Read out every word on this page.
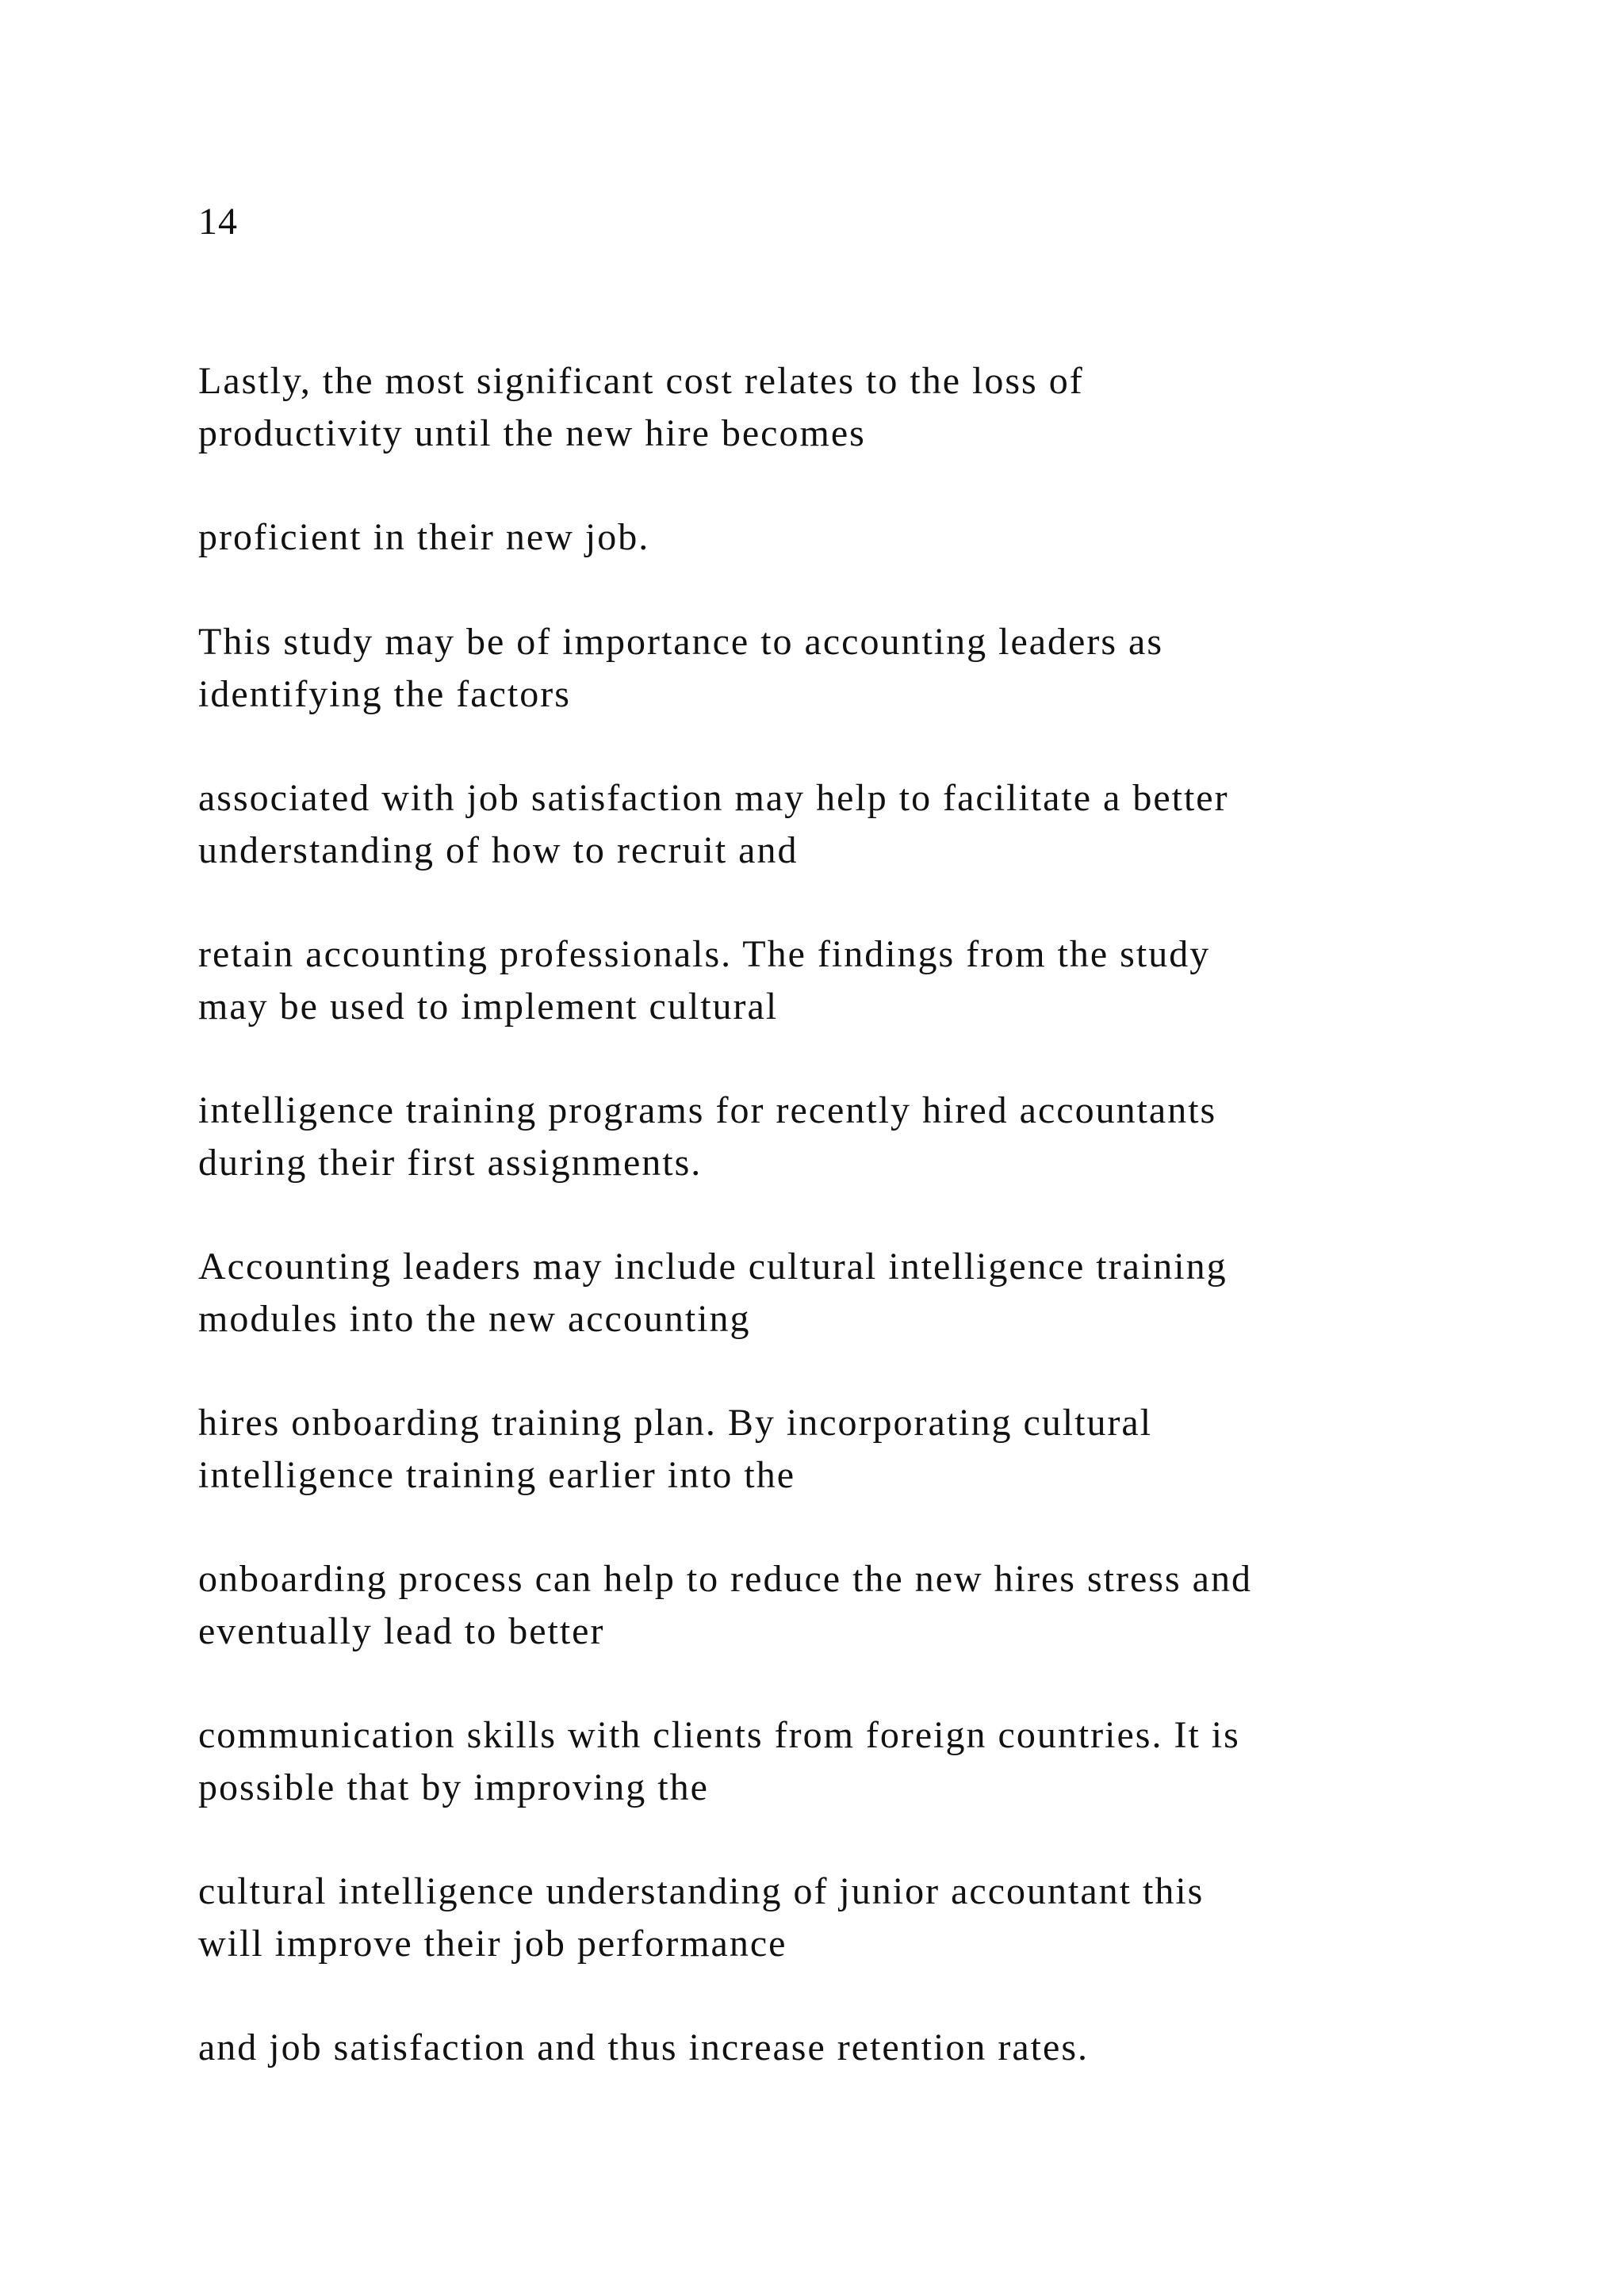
14

Lastly, the most significant cost relates to the loss of
productivity until the new hire becomes

proficient in their new job.

This study may be of importance to accounting leaders as
identifying the factors

associated with job satisfaction may help to facilitate a better
understanding of how to recruit and

retain accounting professionals. The findings from the study
may be used to implement cultural

intelligence training programs for recently hired accountants
during their first assignments.

Accounting leaders may include cultural intelligence training
modules into the new accounting

hires onboarding training plan. By incorporating cultural
intelligence training earlier into the

onboarding process can help to reduce the new hires stress and
eventually lead to better

communication skills with clients from foreign countries. It is
possible that by improving the

cultural intelligence understanding of junior accountant this
will improve their job performance

and job satisfaction and thus increase retention rates.
